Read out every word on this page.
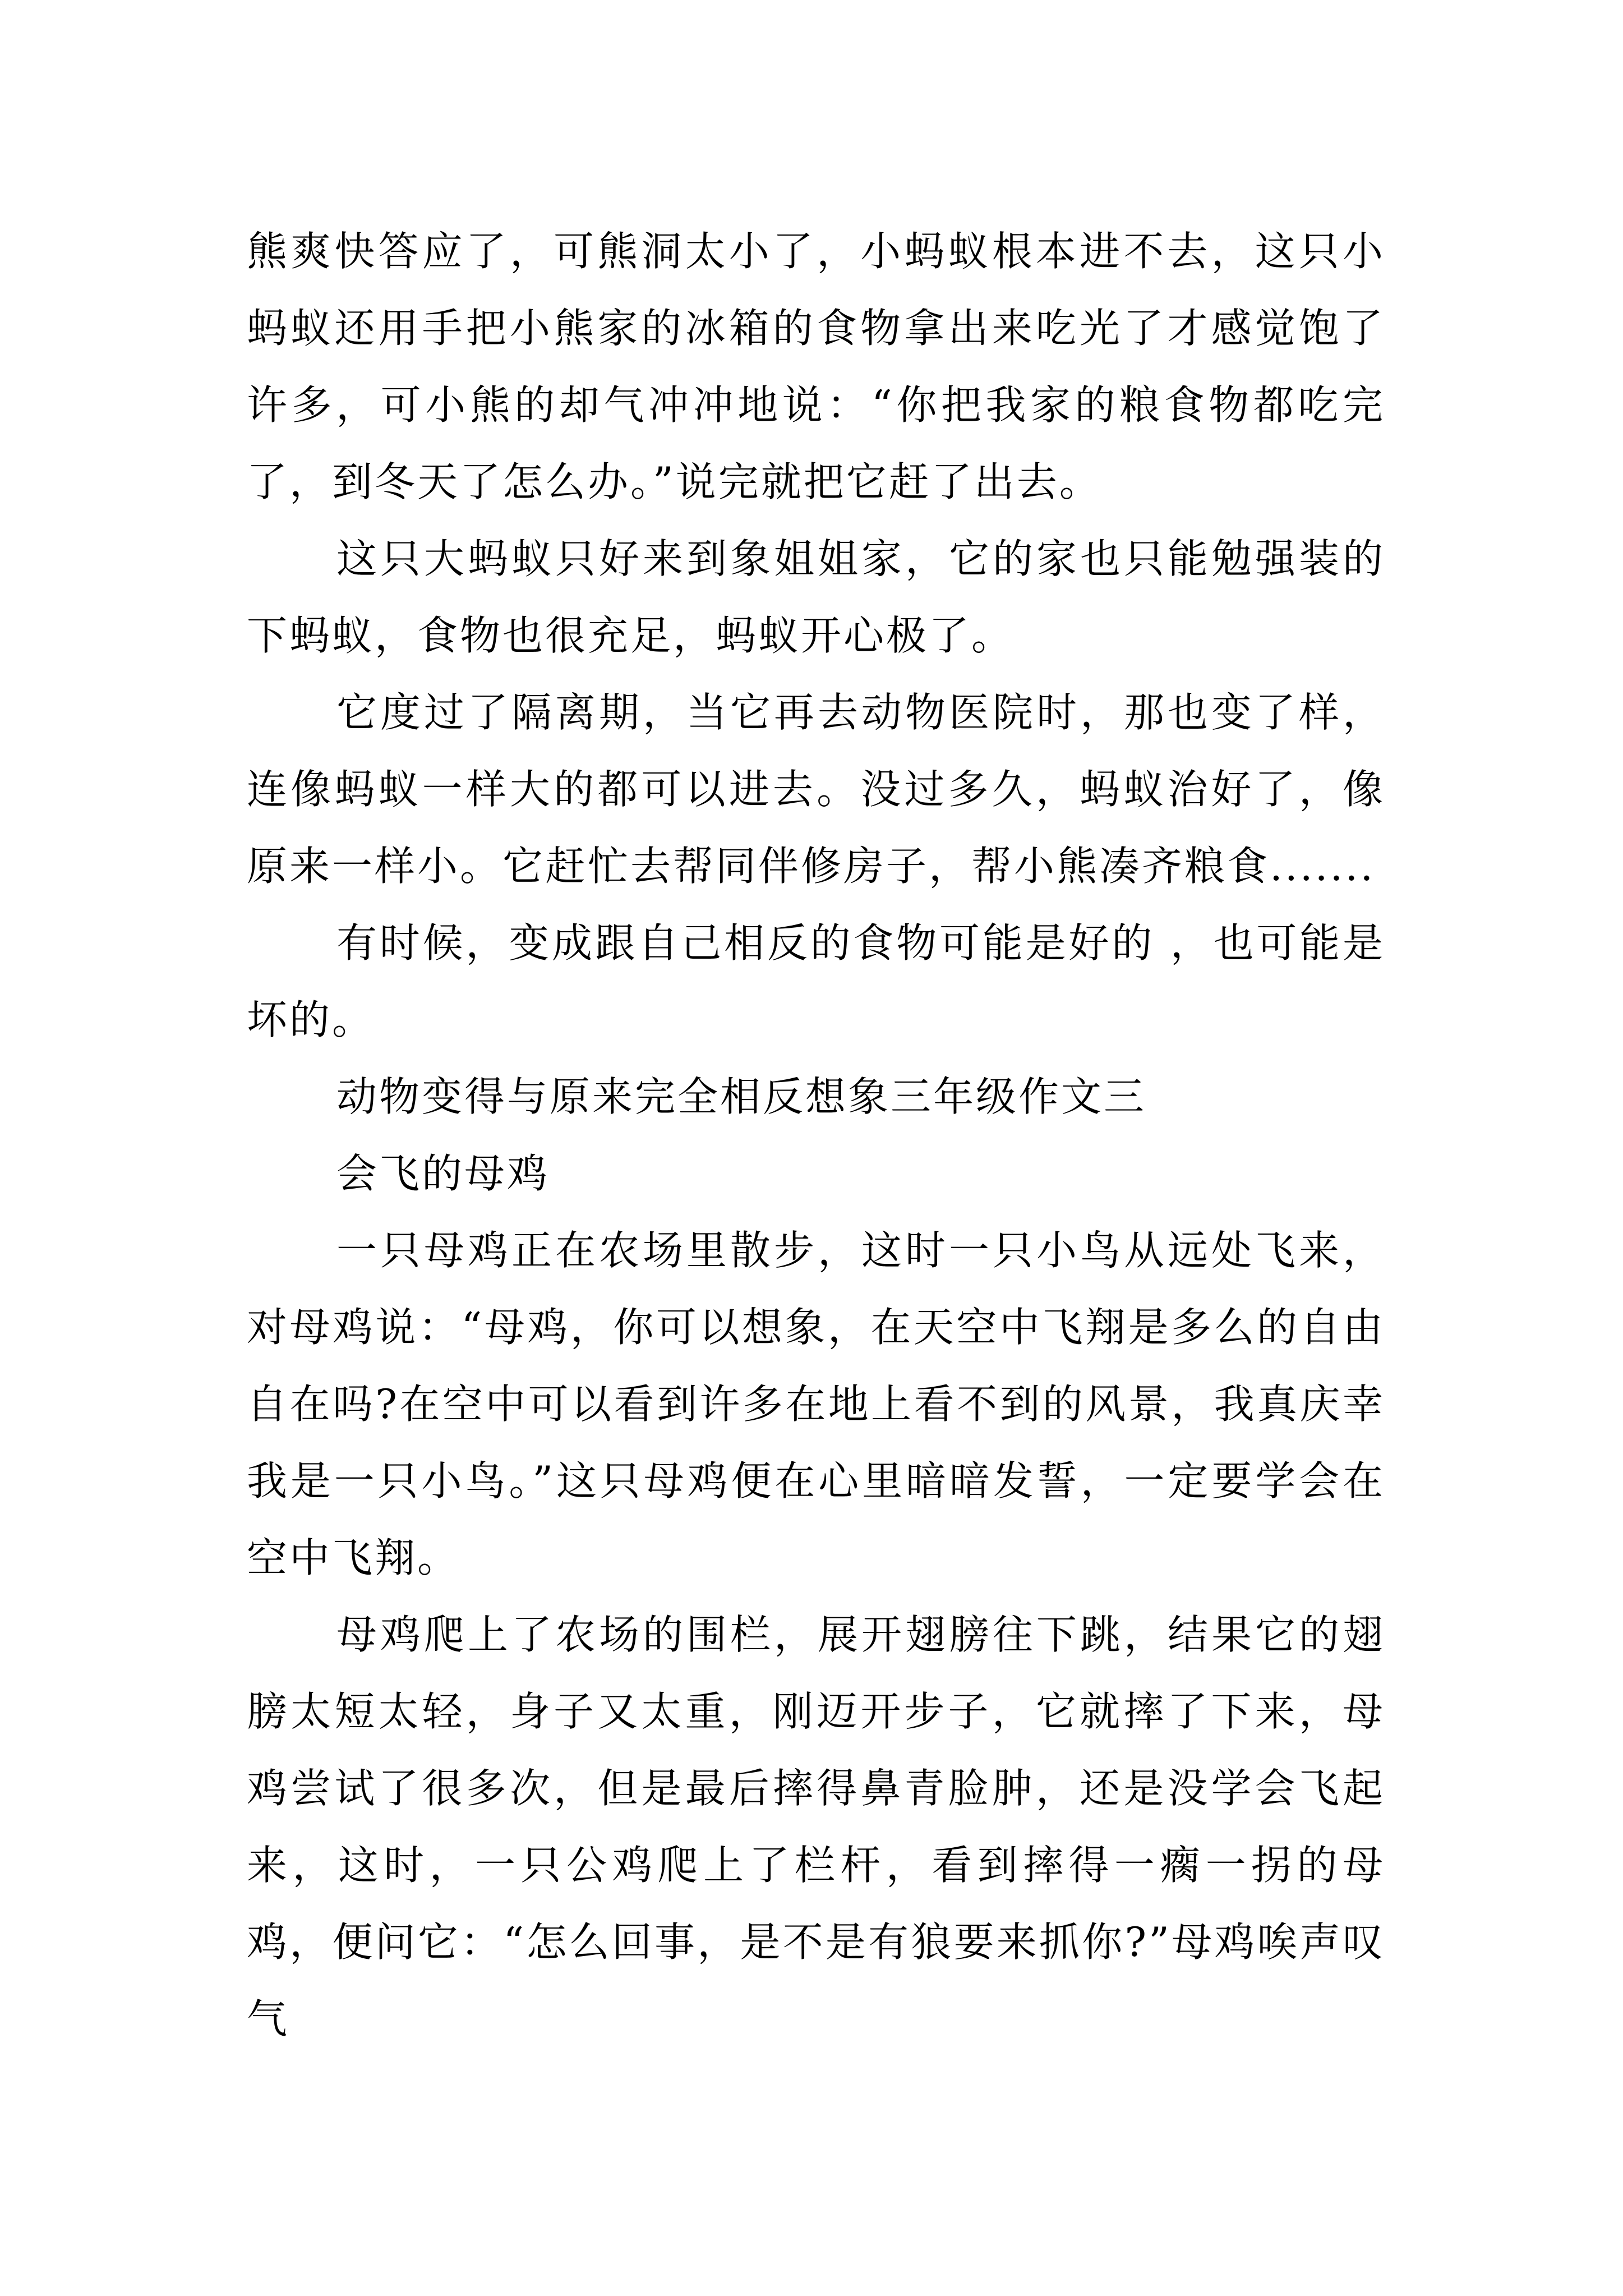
熊爽快答应了，可熊洞太小了，小蚂蚁根本进不去，这只小蚂蚁还用手把小熊家的冰箱的食物拿出来吃光了才感觉饱了许多，可小熊的却气冲冲地说：“你把我家的粮食物都吃完了，到冬天了怎么办。”说完就把它赶了出去。

这只大蚂蚁只好来到象姐姐家，它的家也只能勉强装的下蚂蚁，食物也很充足，蚂蚁开心极了。

它度过了隔离期，当它再去动物医院时，那也变了样，连像蚂蚁一样大的都可以进去。没过多久，蚂蚁治好了，像原来一样小。它赶忙去帮同伴修房子，帮小熊凑齐粮食.......

有时候，变成跟自己相反的食物可能是好的 ，也可能是坏的。

动物变得与原来完全相反想象三年级作文三

会飞的母鸡

一只母鸡正在农场里散步，这时一只小鸟从远处飞来，对母鸡说：“母鸡，你可以想象，在天空中飞翔是多么的自由自在吗?在空中可以看到许多在地上看不到的风景，我真庆幸我是一只小鸟。”这只母鸡便在心里暗暗发誓，一定要学会在空中飞翔。

母鸡爬上了农场的围栏，展开翅膀往下跳，结果它的翅膀太短太轻，身子又太重，刚迈开步子，它就摔了下来，母鸡尝试了很多次，但是最后摔得鼻青脸肿，还是没学会飞起来，这时，一只公鸡爬上了栏杆，看到摔得一瘸一拐的母鸡，便问它：“怎么回事，是不是有狼要来抓你?”母鸡唉声叹气
